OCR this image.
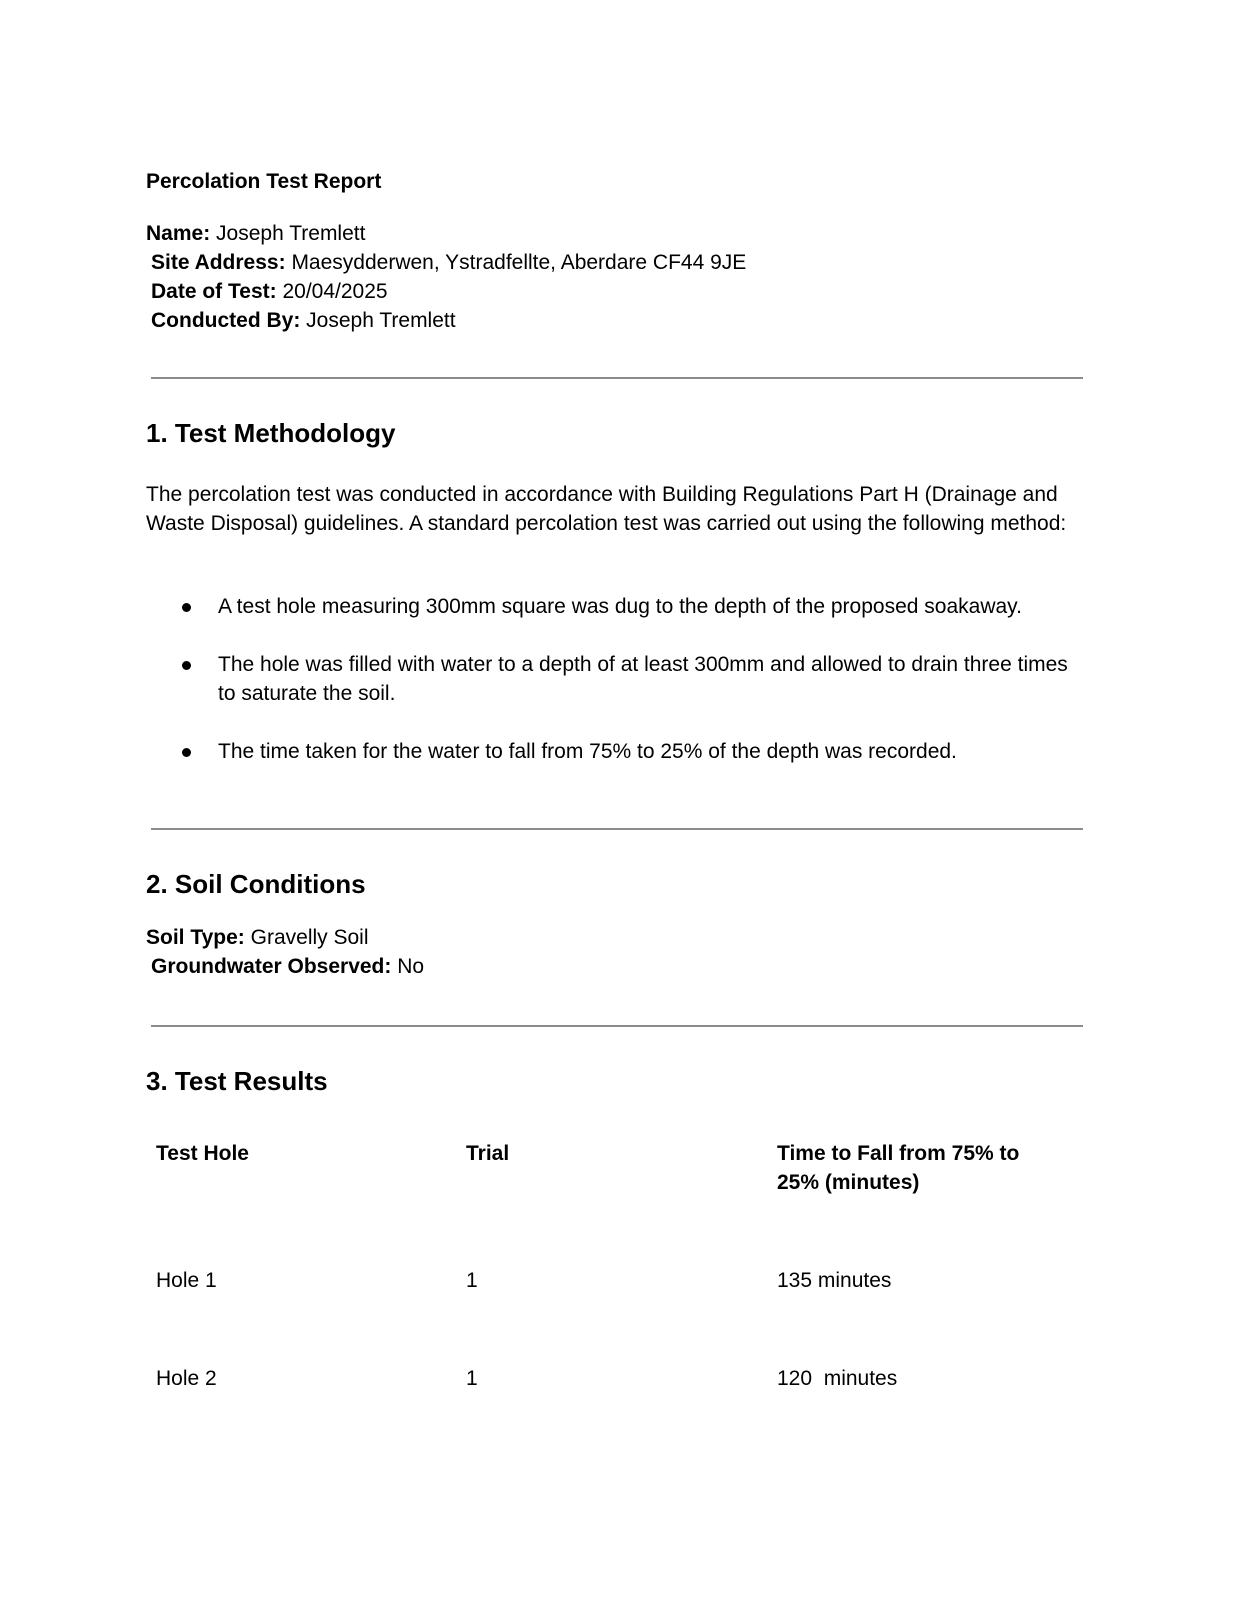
Percolation Test Report
Name: Joseph Tremlett
Site Address: Maesydderwen, Ystradfellte, Aberdare CF44 9JE
Date of Test: 20/04/2025
Conducted By: Joseph Tremlett
1. Test Methodology
The percolation test was conducted in accordance with Building Regulations Part H (Drainage and Waste Disposal) guidelines. A standard percolation test was carried out using the following method:
A test hole measuring 300mm square was dug to the depth of the proposed soakaway.
The hole was filled with water to a depth of at least 300mm and allowed to drain three times to saturate the soil.
The time taken for the water to fall from 75% to 25% of the depth was recorded.
2. Soil Conditions
Soil Type: Gravelly Soil
Groundwater Observed: No
3. Test Results
Test Hole	Trial	Time to Fall from 75% to 25% (minutes)
Hole 1	1	135 minutes
Hole 2	1	120  minutes
